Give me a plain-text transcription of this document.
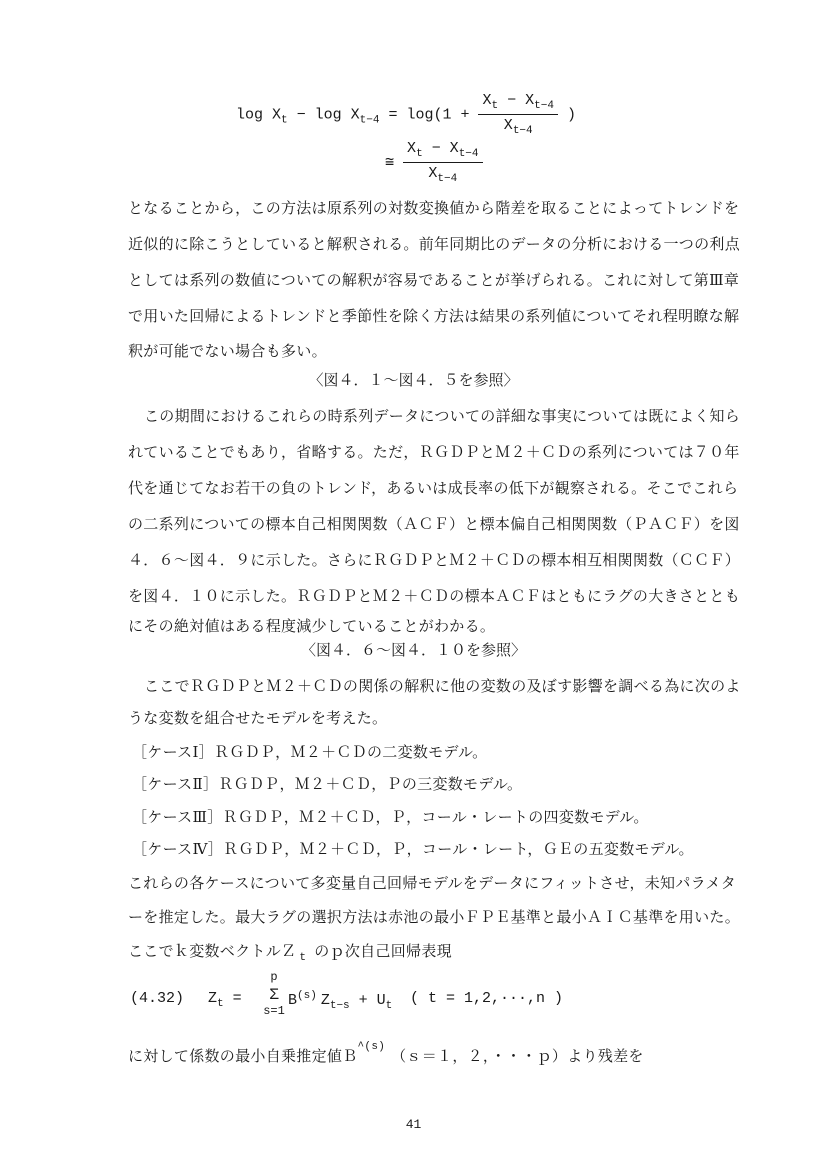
$\log X_t - \log X_{t-4} = \log(1 + \frac{X_t - X_{t-4}}{X_{t-4}}$ )
≅ $\frac{X_t - X_{t-4}}{X_{t-4}}$
となることから，この方法は原系列の対数変換値から階差を取ることによってトレンドを
近似的に除こうとしていると解釈される。前年同期比のデータの分析における一つの利点
としては系列の数値についての解釈が容易であることが挙げられる。これに対して第Ⅲ章
で用いた回帰によるトレンドと季節性を除く方法は結果の系列値についてそれ程明瞭な解
釈が可能でない場合も多い。
〈図４．１〜図４．５を参照〉
この期間におけるこれらの時系列データについての詳細な事実については既によく知ら
れていることでもあり，省略する。ただ，ＲＧＤＰとＭ２＋ＣＤの系列については７０年
代を通じてなお若干の負のトレンド，あるいは成長率の低下が観察される。そこでこれら
の二系列についての標本自己相関関数（ＡＣＦ）と標本偏自己相関関数（ＰＡＣＦ）を図
４．６〜図４．９に示した。さらにＲＧＤＰとＭ２＋ＣＤの標本相互相関関数（ＣＣＦ）
を図４．１０に示した。ＲＧＤＰとＭ２＋ＣＤの標本ＡＣＦはともにラグの大きさととも
にその絶対値はある程度減少していることがわかる。
〈図４．６〜図４．１０を参照〉
ここでＲＧＤＰとＭ２＋ＣＤの関係の解釈に他の変数の及ぼす影響を調べる為に次のよ
うな変数を組合せたモデルを考えた。
［ケースⅠ］ＲＧＤＰ，Ｍ２＋ＣＤの二変数モデル。
［ケースⅡ］ＲＧＤＰ，Ｍ２＋ＣＤ，Ｐの三変数モデル。
［ケースⅢ］ＲＧＤＰ，Ｍ２＋ＣＤ，Ｐ，コール・レートの四変数モデル。
［ケースⅣ］ＲＧＤＰ，Ｍ２＋ＣＤ，Ｐ，コール・レート，ＧＥの五変数モデル。
これらの各ケースについて多変量自己回帰モデルをデータにフィットさせ，未知パラメタ
ーを推定した。最大ラグの選択方法は赤池の最小ＦＰＥ基準と最小ＡＩＣ基準を用いた。
ここでｋ変数ベクトルＺ $_t$ のｐ次自己回帰表現
(4.32) $Z_t$ =
p
Σ
s=1
$B^{(s)}$ $Z_{t-s} + U_t$ ( t = 1,2,···,n )
に対して係数の最小自乗推定値Ｂ$^{\^{}(s)}$ （ｓ＝１，２，・・・ｐ）より残差を
41
